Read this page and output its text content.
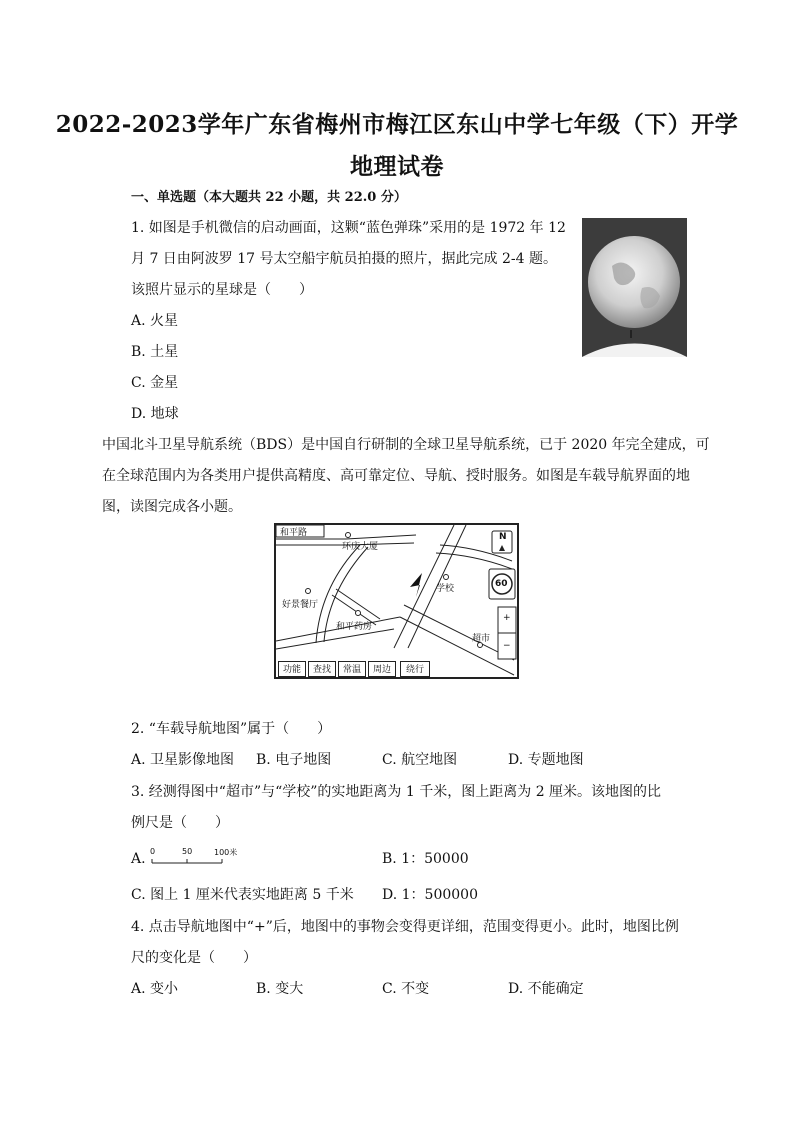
2022-2023学年广东省梅州市梅江区东山中学七年级（下）开学
地理试卷
一、单选题（本大题共 22 小题，共 22.0 分）
1. 如图是手机微信的启动画面，这颗“蓝色弹珠”采用的是 1972 年 12
月 7 日由阿波罗 17 号太空船宇航员拍摄的照片，据此完成 2-4 题。
该照片显示的星球是（　　）
A. 火星
B. 土星
C. 金星
D. 地球
中国北斗卫星导航系统（BDS）是中国自行研制的全球卫星导航系统，已于 2020 年完全建成，可
在全球范围内为各类用户提供高精度、高可靠定位、导航、授时服务。如图是车载导航界面的地
图，读图完成各小题。
和平路
环庆大厦
学校
好景餐厅
和平药房
超市
N
60
+
−
功能	查找	常温	周边	绕行
2. “车载导航地图”属于（　　）
A. 卫星影像地图 B. 电子地图	C. 航空地图	D. 专题地图
3. 经测得图中“超市”与“学校”的实地距离为 1 千米，图上距离为 2 厘米。该地图的比
例尺是（　　）
A. 0	50	100米	B. 1：50000
C. 图上 1 厘米代表实地距离 5 千米 D. 1：500000
4. 点击导航地图中“+”后，地图中的事物会变得更详细，范围变得更小。此时，地图比例
尺的变化是（　　）
A. 变小	B. 变大	C. 不变	D. 不能确定
